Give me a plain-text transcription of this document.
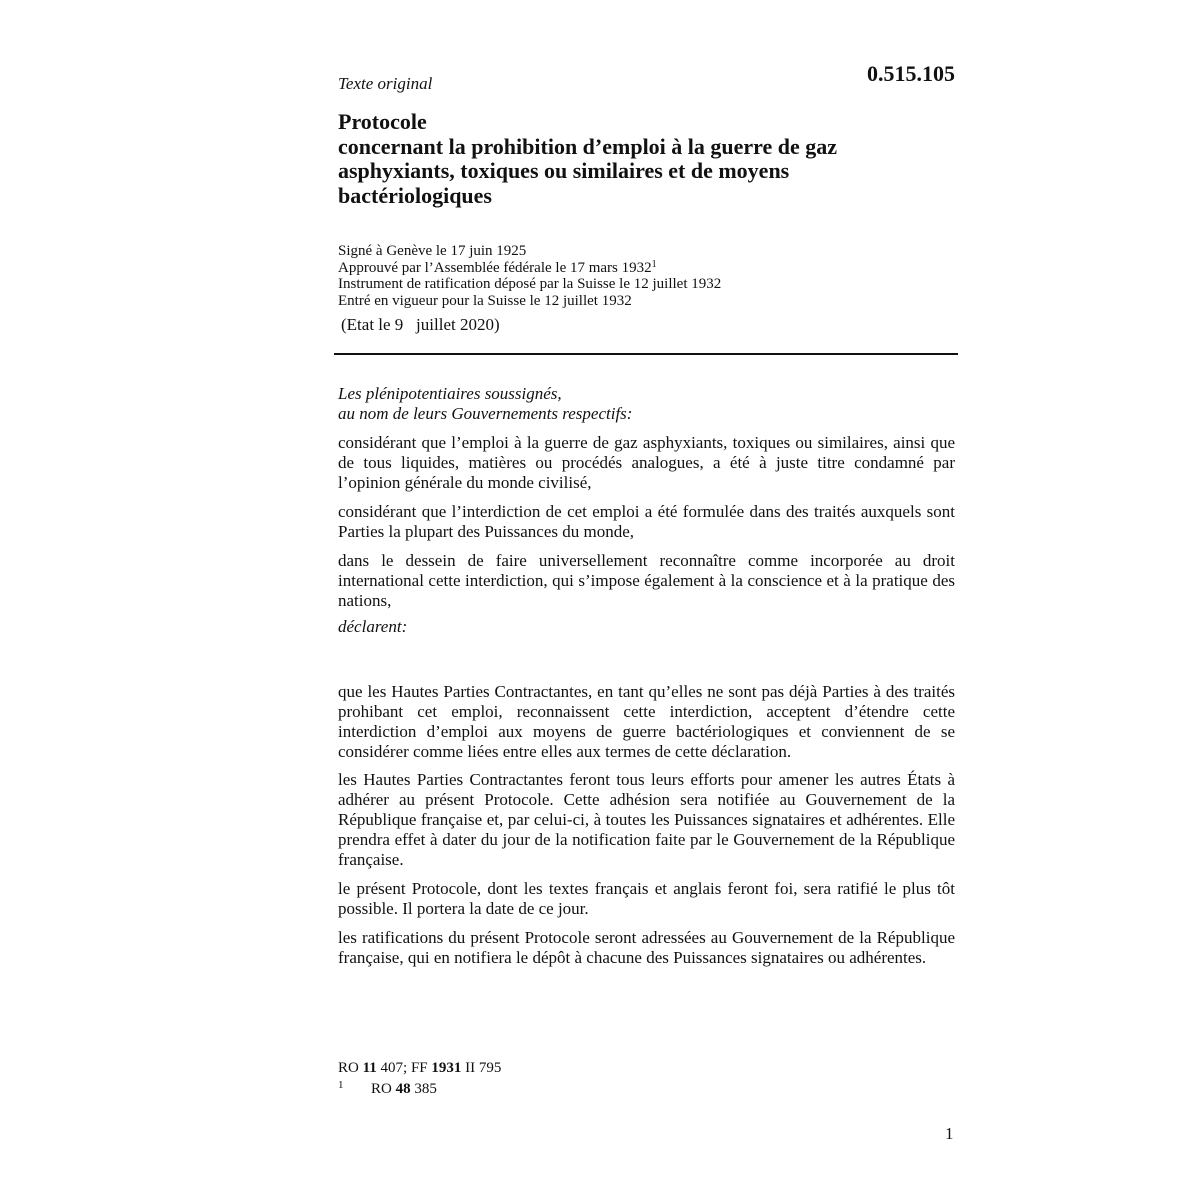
Texte original	0.515.105
Protocole
concernant la prohibition d’emploi à la guerre de gaz
asphyxiants, toxiques ou similaires et de moyens
bactériologiques
Signé à Genève le 17 juin 1925
Approuvé par l’Assemblée fédérale le 17 mars 1932$^1$
Instrument de ratification déposé par la Suisse le 12 juillet 1932
Entré en vigueur pour la Suisse le 12 juillet 1932
(Etat le 9   juillet 2020)
Les plénipotentiaires soussignés,
au nom de leurs Gouvernements respectifs:
considérant que l’emploi à la guerre de gaz asphyxiants, toxiques ou similaires, ainsi que de tous liquides, matières ou procédés analogues, a été à juste titre condamné par l’opinion générale du monde civilisé,
considérant que l’interdiction de cet emploi a été formulée dans des traités auxquels sont Parties la plupart des Puissances du monde,
dans le dessein de faire universellement reconnaître comme incorporée au droit international cette interdiction, qui s’impose également à la conscience et à la pratique des nations,
déclarent:
que les Hautes Parties Contractantes, en tant qu’elles ne sont pas déjà Parties à des traités prohibant cet emploi, reconnaissent cette interdiction, acceptent d’étendre cette interdiction d’emploi aux moyens de guerre bactériologiques et conviennent de se considérer comme liées entre elles aux termes de cette déclaration.
les Hautes Parties Contractantes feront tous leurs efforts pour amener les autres États à adhérer au présent Protocole. Cette adhésion sera notifiée au Gouvernement de la République française et, par celui-ci, à toutes les Puissances signataires et adhérentes. Elle prendra effet à dater du jour de la notification faite par le Gouvernement de la République française.
le présent Protocole, dont les textes français et anglais feront foi, sera ratifié le plus tôt possible. Il portera la date de ce jour.
les ratifications du présent Protocole seront adressées au Gouvernement de la République française, qui en notifiera le dépôt à chacune des Puissances signataires ou adhérentes.
RO 11 407; FF 1931 II 795
1 RO 48 385
1
